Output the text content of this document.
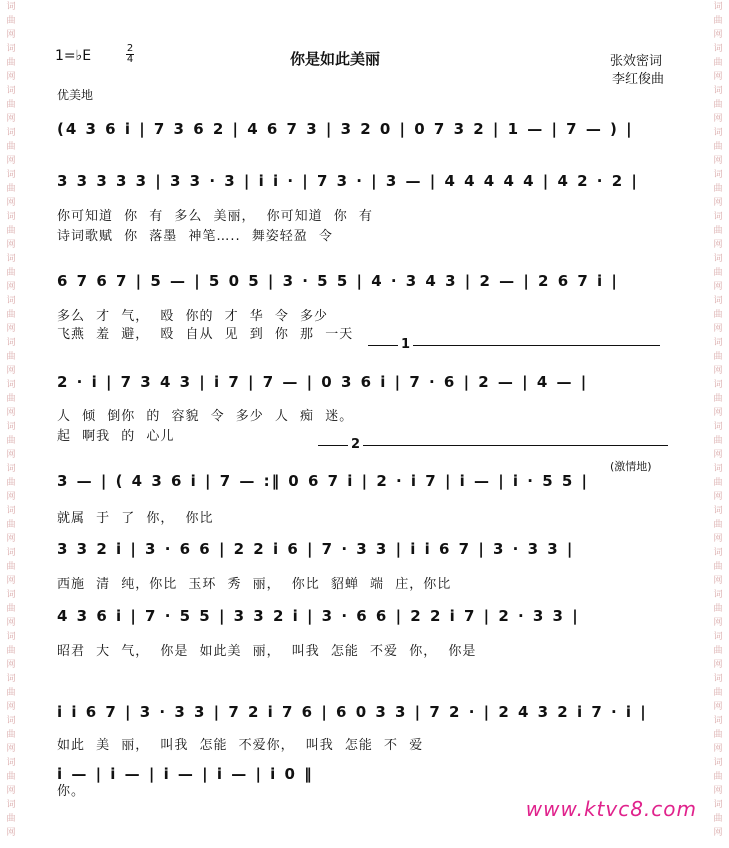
词
曲
网
词
曲
网
词
曲
网
词
曲
网
词
曲
网
词
曲
网
词
曲
网
词
曲
网
词
曲
网
词
曲
网
词
曲
网
词
曲
网
词
曲
网
词
曲
网
词
曲
网
词
曲
网
词
曲
网
词
曲
网
词
曲
网
词
曲
网
词
曲
网
词
曲
网
词
曲
网
词
曲
网
词
曲
网
词
曲
网
词
曲
网
词
曲
网
词
曲
网
词
曲
网
词
曲
网
词
曲
网
词
曲
网
词
曲
网
词
曲
网
词
曲
网
词
曲
网
词
曲
网
词
曲
网
词
曲
网
1=♭E	2
4	你是如此美丽	张效密词
李红俊曲
优美地
(4 3 6 i | 7 3 6 2 | 4 6 7 3 | 3 2 0 | 0 7 3 2 | 1 — | 7 — ) |
3 3 3 3 3 | 3 3 · 3 | i i · | 7 3 · | 3 — | 4 4 4 4 4 | 4 2 · 2 |
你可知道 你 有 多么 美丽， 你可知道 你 有
诗词歌赋 你 落墨 神笔….. 舞姿轻盈 令
6 7 6 7 | 5 — | 5 0 5 | 3 · 5 5 | 4 · 3 4 3 | 2 — | 2 6 7 i |
多么 才 气， 殴 你的 才 华 令 多少
飞燕 羞 避， 殴 自从 见 到 你 那 一天
2 · i | 7 3 4 3 | i 7 | 7 — | 0 3 6 i | 7 · 6 | 2 — | 4 — |
人 倾 倒你 的 容貌 令 多少 人 痴 迷。
起 啊我 的 心儿
3 — | ( 4 3 6 i | 7 — :‖ 0 6 7 i | 2 · i 7 | i — | i · 5 5 |
就属 于 了 你， 你比
3 3 2 i | 3 · 6 6 | 2 2 i 6 | 7 · 3 3 | i i 6 7 | 3 · 3 3 |
西施 清 纯，你比 玉环 秀 丽， 你比 貂蝉 端 庄，你比
4 3 6 i | 7 · 5 5 | 3 3 2 i | 3 · 6 6 | 2 2 i 7 | 2 · 3 3 |
昭君 大 气， 你是 如此美 丽， 叫我 怎能 不爱 你， 你是
i i 6 7 | 3 · 3 3 | 7 2 i 7 6 | 6 0 3 3 | 7 2 · | 2 4 3 2 i 7 · i |
如此 美 丽， 叫我 怎能 不爱你， 叫我 怎能 不 爱
i — | i — | i — | i — | i 0 ‖
你。
1
2
(激情地)
www.ktvc8.com
